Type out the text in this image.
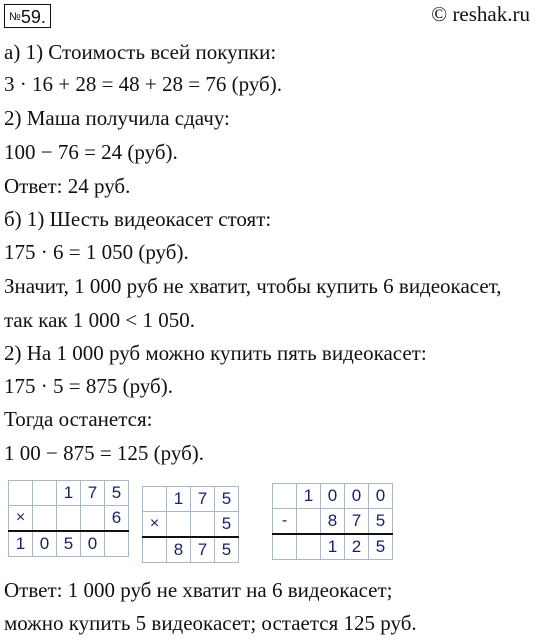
№59.	© reshak.ru
а) 1) Стоимость всей покупки:
3 · 16 + 28 = 48 + 28 = 76 (руб).
2) Маша получила сдачу:
100 − 76 = 24 (руб).
Ответ: 24 руб.
б) 1) Шесть видеокасет стоят:
175 · 6 = 1 050 (руб).
Значит, 1 000 руб не хватит, чтобы купить 6 видеокасет,
так как 1 000 < 1 050.
2) На 1 000 руб можно купить пять видеокасет:
175 · 5 = 875 (руб).
Тогда останется:
1 00 − 875 = 125 (руб).
		1	7	5
×				6
1	0	5	0	
	1	7	5
×			5
	8	7	5
	1	0	0	0
-		8	7	5
		1	2	5
Ответ: 1 000 руб не хватит на 6 видеокасет;
можно купить 5 видеокасет; остается 125 руб.
